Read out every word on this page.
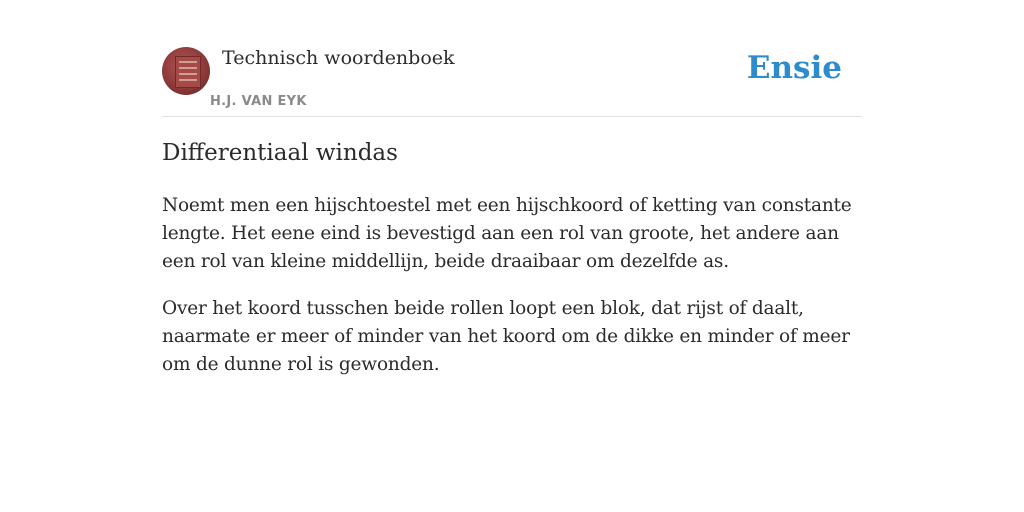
Technisch woordenboek
H.J. VAN EYK
Ensie
Differentiaal windas

Noemt men een hijschtoestel met een hijschkoord of ketting van constante lengte. Het eene eind is bevestigd aan een rol van groote, het andere aan een rol van kleine middellijn, beide draaibaar om dezelfde as.

Over het koord tusschen beide rollen loopt een blok, dat rijst of daalt, naarmate er meer of minder van het koord om de dikke en minder of meer om de dunne rol is gewonden.
